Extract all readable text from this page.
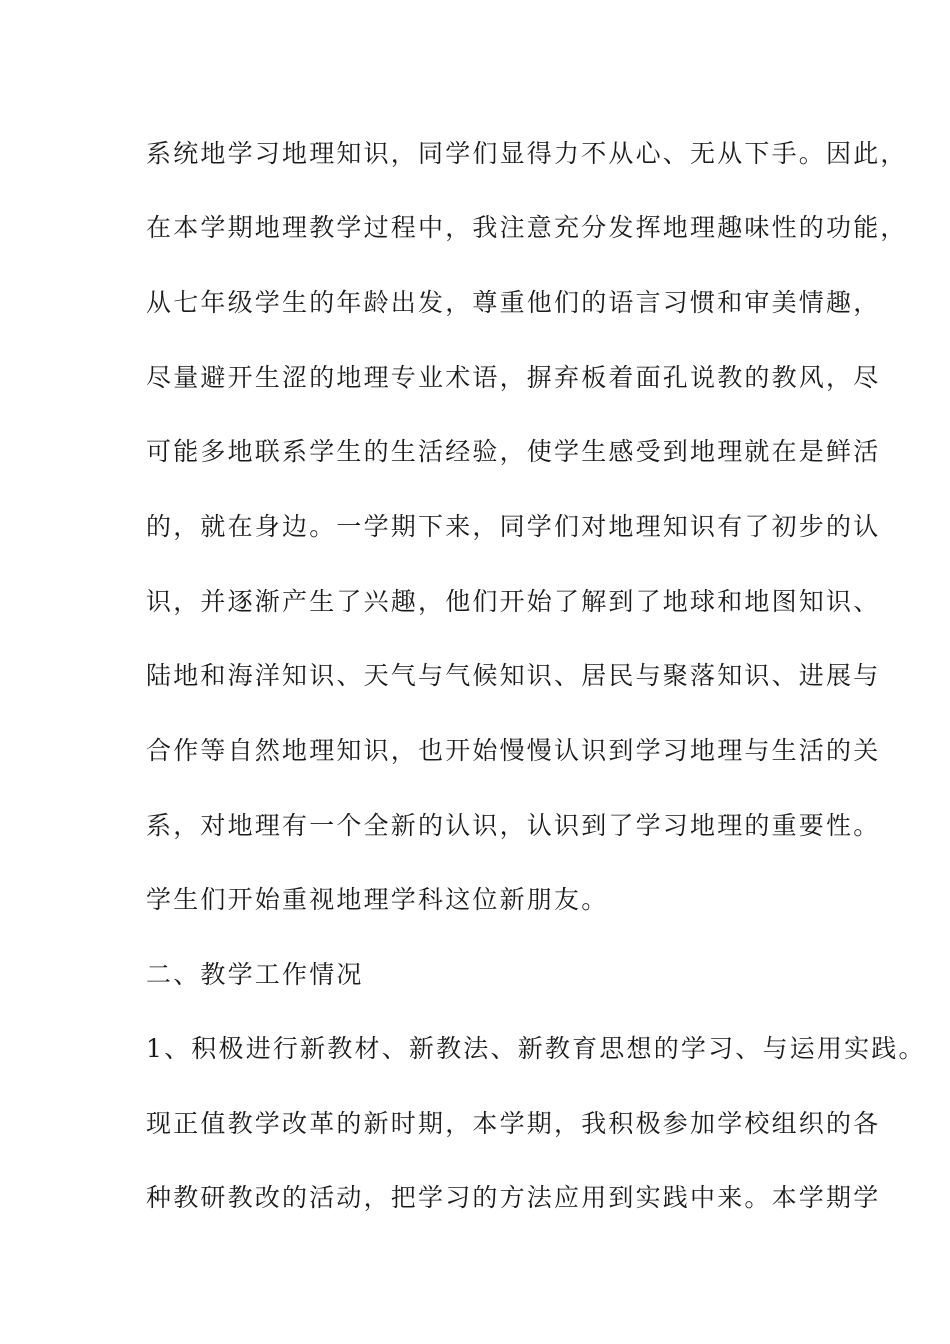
系统地学习地理知识，同学们显得力不从心、无从下手。因此，
在本学期地理教学过程中，我注意充分发挥地理趣味性的功能，
从七年级学生的年龄出发，尊重他们的语言习惯和审美情趣，
尽量避开生涩的地理专业术语，摒弃板着面孔说教的教风，尽
可能多地联系学生的生活经验，使学生感受到地理就在是鲜活
的，就在身边。一学期下来，同学们对地理知识有了初步的认
识，并逐渐产生了兴趣，他们开始了解到了地球和地图知识、
陆地和海洋知识、天气与气候知识、居民与聚落知识、进展与
合作等自然地理知识，也开始慢慢认识到学习地理与生活的关
系，对地理有一个全新的认识，认识到了学习地理的重要性。
学生们开始重视地理学科这位新朋友。
二、教学工作情况
1、积极进行新教材、新教法、新教育思想的学习、与运用实践。
现正值教学改革的新时期，本学期，我积极参加学校组织的各
种教研教改的活动，把学习的方法应用到实践中来。本学期学
